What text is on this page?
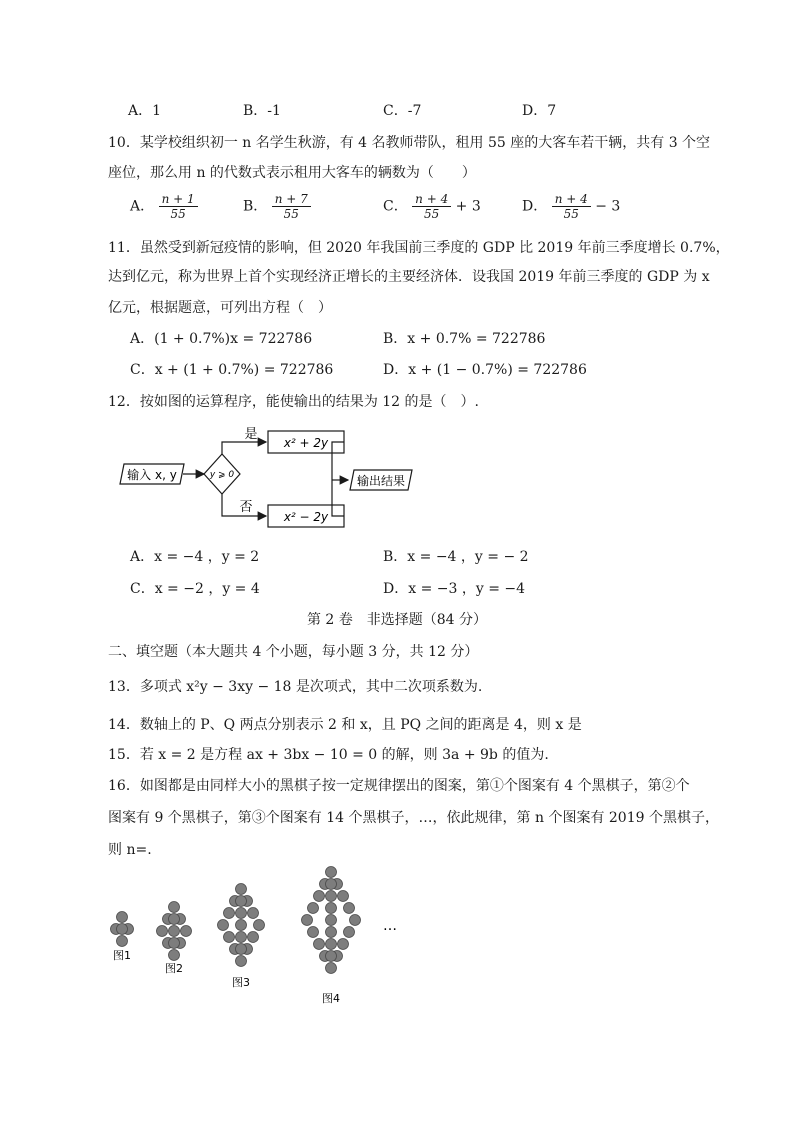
A．1	B．-1	C．-7	D．7
10．某学校组织初一 n 名学生秋游，有 4 名教师带队，租用 55 座的大客车若干辆，共有 3 个空
座位，那么用 n 的代数式表示租用大客车的辆数为（　　）
A． $\frac{n + 1}{55}$	B． $\frac{n + 7}{55}$	C． $\frac{n + 4}{55} + 3$	D． $\frac{n + 4}{55} - 3$
11．虽然受到新冠疫情的影响，但 2020 年我国前三季度的 GDP 比 2019 年前三季度增长 0.7%，
达到亿元，称为世界上首个实现经济正增长的主要经济体．设我国 2019 年前三季度的 GDP 为 x
亿元，根据题意，可列出方程（　）
A．(1 + 0.7%)x = 722786	B．x + 0.7% = 722786
C．x + (1 + 0.7%) = 722786	D．x + (1 − 0.7%) = 722786
12．按如图的运算程序，能使输出的结果为 12 的是（　）.
输入 x, y	y ⩾ 0
是
x² + 2y
否
x² − 2y
输出结果
A．x = −4 ，y = 2	B．x = −4 ，y = − 2
C．x = −2 ，y = 4	D．x = −3 ，y = −4
第 2 卷　非选择题（84 分）
二、填空题（本大题共 4 个小题，每小题 3 分，共 12 分）
13．多项式 x²y − 3xy − 18 是次项式，其中二次项系数为.
14．数轴上的 P、Q 两点分别表示 2 和 x，且 PQ 之间的距离是 4，则 x 是
15．若 x = 2 是方程 ax + 3bx − 10 = 0 的解，则 3a + 9b 的值为.
16．如图都是由同样大小的黑棋子按一定规律摆出的图案，第①个图案有 4 个黑棋子，第②个
图案有 9 个黑棋子，第③个图案有 14 个黑棋子，…，依此规律，第 n 个图案有 2019 个黑棋子，
则 n=.
图1
图2
图3
图4
…
